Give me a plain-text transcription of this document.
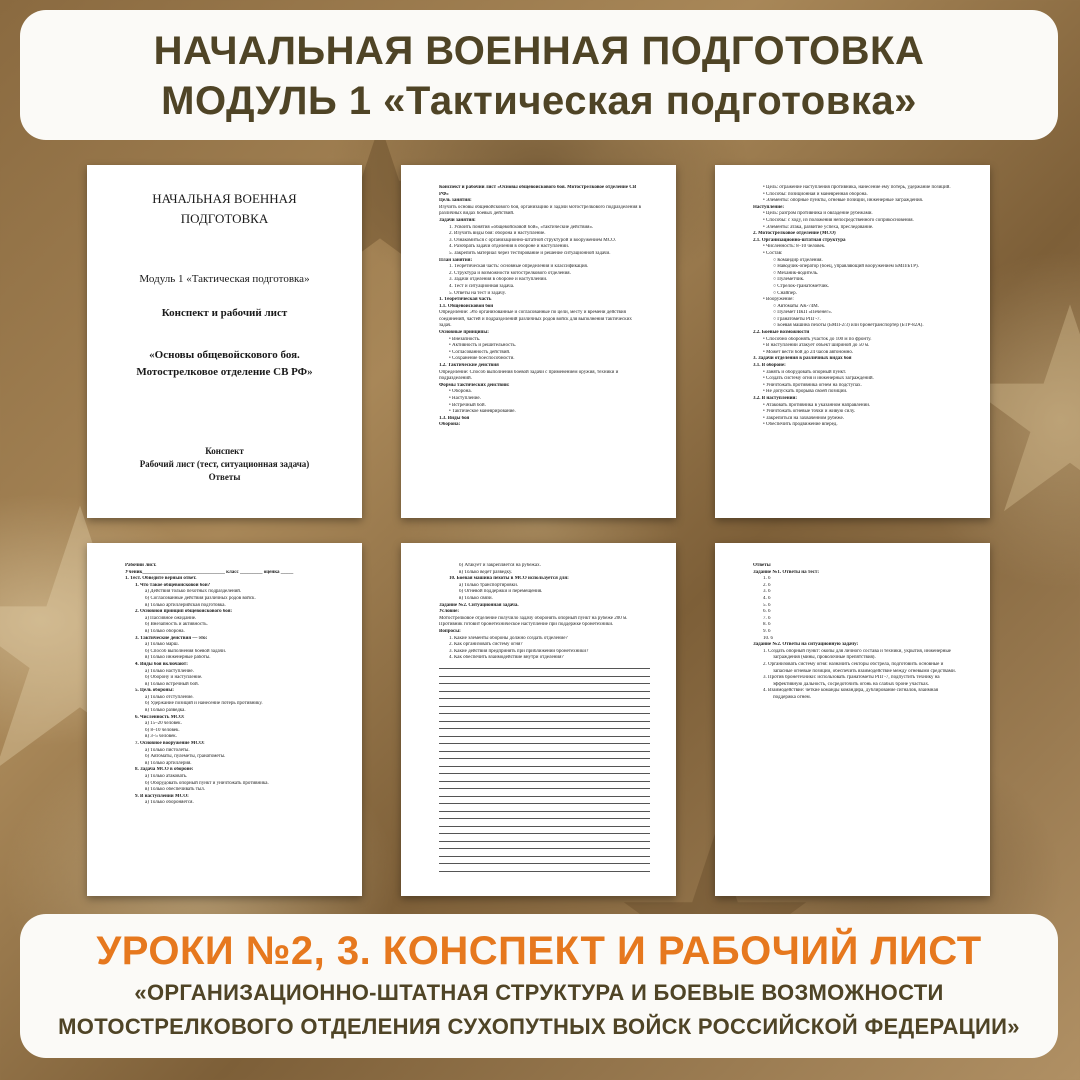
НАЧАЛЬНАЯ ВОЕННАЯ ПОДГОТОВКА
МОДУЛЬ 1 «Тактическая подготовка»
НАЧАЛЬНАЯ ВОЕННАЯ
ПОДГОТОВКА
Модуль 1 «Тактическая подготовка»
Конспект и рабочий лист
«Основы общевойскового боя.
Мотострелковое отделение СВ РФ»
Конспект
Рабочий лист (тест, ситуационная задача)
Ответы
Конспект и рабочий лист «Основы общевойскового боя. Мотострелковое отделение СВ
РФ»
Цель занятия:
Изучить основы общевойскового боя, организацию и задачи мотострелкового подразделения в
различных видах боевых действий.
Задачи занятия:
1. Усвоить понятия «общевойсковой бой», «тактические действия».
2. Изучить виды боя: оборона и наступление.
3. Ознакомиться с организационно-штатной структурой и вооружением МСО.
4. Разобрать задачи отделения в обороне и наступлении.
5. Закрепить материал через тестирование и решение ситуационной задачи.
План занятия:
1. Теоретическая часть: основные определения и классификация.
2. Структура и возможности мотострелкового отделения.
3. Задачи отделения в обороне и наступлении.
4. Тест и ситуационная задача.
5. Ответы на тест и задачу.
1. Теоретическая часть
1.1. Общевойсковой бой
Определение: Это организованные и согласованные по цели, месту и времени действия
соединений, частей и подразделений различных родов войск для выполнения тактических
задач.
Основные принципы:
• Внезапность.
• Активность и решительность.
• Согласованность действий.
• Сохранение боеспособности.
1.2. Тактические действия
Определение: Способ выполнения боевой задачи с применением оружия, техники и
подразделений.
Формы тактических действий:
• Оборона.
• Наступление.
• Встречный бой.
• Тактическое маневрирование.
1.3. Виды боя
Оборона:
• Цель: отражение наступления противника, нанесение ему потерь, удержание позиций.
• Способы: позиционная и маневренная оборона.
• Элементы: опорные пункты, огневые позиции, инженерные заграждения.
Наступление:
• Цель: разгром противника и овладение рубежами.
• Способы: с ходу, из положения непосредственного соприкосновения.
• Элементы: атака, развитие успеха, преследование.
2. Мотострелковое отделение (МСО)
2.1. Организационно-штатная структура
• Численность: 8–10 человек.
• Состав:
○ Командир отделения.
○ Наводчик-оператор (боец, управляющий вооружением БМП/БТР).
○ Механик-водитель.
○ Пулеметчик.
○ Стрелок-гранатометчик.
○ Снайпер.
• Вооружение:
○ Автоматы АК-74М.
○ Пулемет ПКП «Печенег».
○ Гранатометы РПГ-7.
○ Боевая машина пехоты (БМП-2/3) или бронетранспортер (БТР-82А).
2.2. Боевые возможности
• Способно оборонять участок до 100 м по фронту.
• В наступлении атакует объект шириной до 50 м.
• Может вести бой до 24 часов автономно.
3. Задачи отделения в различных видах боя
3.1. В обороне:
• Занять и оборудовать опорный пункт.
• Создать систему огня и инженерных заграждений.
• Уничтожать противника огнем на подступах.
• Не допускать прорыва своей позиции.
3.2. В наступлении:
• Атаковать противника в указанном направлении.
• Уничтожать огневые точки и живую силу.
• Закрепиться на захваченном рубеже.
• Обеспечить продвижение вперед.
Рабочий лист.
Ученик_________________________________ класс _________ оценка _____
1. Тест. Обведите верный ответ.
1. Что такое общевойсковой бой?
а) Действия только пехотных подразделений.
б) Согласованные действия различных родов войск.
в) Только артиллерийская подготовка.
2. Основной принцип общевойскового боя:
а) Пассивное ожидание.
б) Внезапность и активность.
в) Только оборона.
3. Тактические действия — это:
а) Только марш.
б) Способ выполнения боевой задачи.
в) Только инженерные работы.
4. Виды боя включают:
а) Только наступление.
б) Оборону и наступление.
в) Только встречный бой.
5. Цель обороны:
а) Только отступление.
б) Удержание позиций и нанесение потерь противнику.
в) Только разведка.
6. Численность МСО:
а) 15–20 человек.
б) 8–10 человек.
в) 3–5 человек.
7. Основное вооружение МСО:
а) Только пистолеты.
б) Автоматы, пулеметы, гранатометы.
в) Только артиллерия.
8. Задача МСО в обороне:
а) Только атаковать.
б) Оборудовать опорный пункт и уничтожать противника.
в) Только обеспечивать тыл.
9. В наступлении МСО:
а) Только обороняется.
б) Атакует и закрепляется на рубежах.
в) Только ведет разведку.
10. Боевая машина пехоты в МСО используется для:
а) Только транспортировки.
б) Огневой поддержки и перемещения.
в) Только связи.
Задание №2. Ситуационная задача.
Условие:
Мотострелковое отделение получило задачу оборонять опорный пункт на рубеже 200 м.
Противник готовит бронетехническое наступление при поддержке бронетехники.
Вопросы:
1. Какие элементы обороны должно создать отделение?
2. Как организовать систему огня?
3. Какие действия предпринять при приближении бронетехники?
4. Как обеспечить взаимодействие внутри отделения?
Ответы
Задание №1. Ответы на тест:
1. б
2. б
3. б
4. б
5. б
6. б
7. б
8. б
9. б
10. б
Задание №2. Ответы на ситуационную задачу:
1. Создать опорный пункт: окопы для личного состава и техники, укрытия, инженерные
заграждения (мины, проволочные препятствия).
2. Организовать систему огня: назначить секторы обстрела, подготовить основные и
запасные огневые позиции, обеспечить взаимодействие между огневыми средствами.
3. Против бронетехники: использовать гранатометы РПГ-7, подпустить технику на
эффективную дальность, сосредоточить огонь на слабых броне участках.
4. Взаимодействие: четкие команды командира, дублирование сигналов, взаимная
поддержка огнем.
УРОКИ №2, 3. КОНСПЕКТ И РАБОЧИЙ ЛИСТ
«ОРГАНИЗАЦИОННО-ШТАТНАЯ СТРУКТУРА И БОЕВЫЕ ВОЗМОЖНОСТИ
МОТОСТРЕЛКОВОГО ОТДЕЛЕНИЯ СУХОПУТНЫХ ВОЙСК РОССИЙСКОЙ ФЕДЕРАЦИИ»
